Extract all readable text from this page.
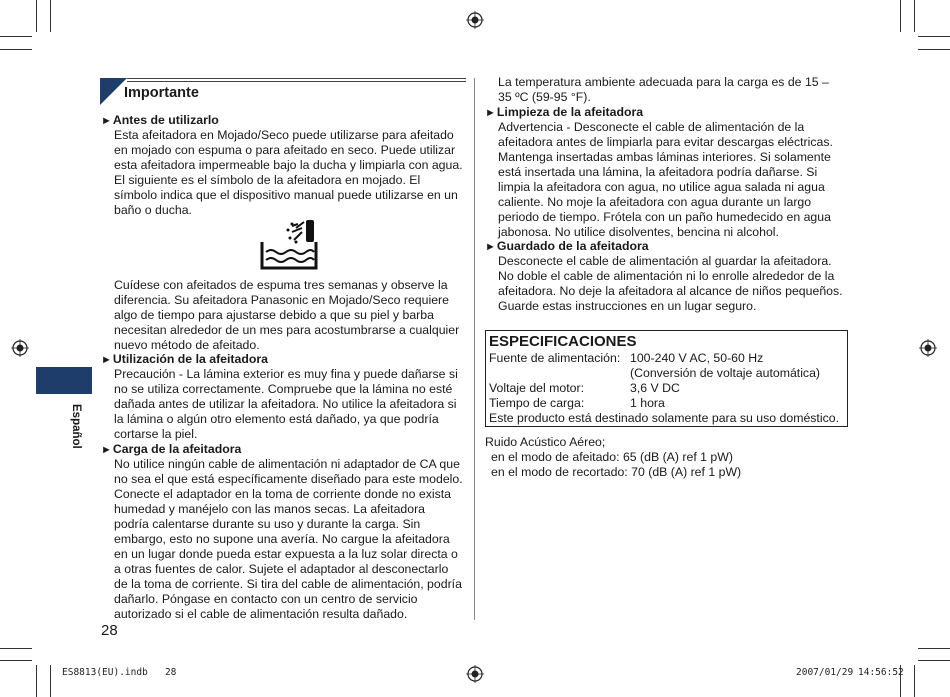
Importante
►Antes de utilizarlo
Esta afeitadora en Mojado/Seco puede utilizarse para afeitado
en mojado con espuma o para afeitado en seco. Puede utilizar
esta afeitadora impermeable bajo la ducha y limpiarla con agua.
El siguiente es el símbolo de la afeitadora en mojado. El
símbolo indica que el dispositivo manual puede utilizarse en un
baño o ducha.
Cuídese con afeitados de espuma tres semanas y observe la
diferencia. Su afeitadora Panasonic en Mojado/Seco requiere
algo de tiempo para ajustarse debido a que su piel y barba
necesitan alrededor de un mes para acostumbrarse a cualquier
nuevo método de afeitado.
►Utilización de la afeitadora
Precaución - La lámina exterior es muy fina y puede dañarse si
no se utiliza correctamente. Compruebe que la lámina no esté
dañada antes de utilizar la afeitadora. No utilice la afeitadora si
la lámina o algún otro elemento está dañado, ya que podría
cortarse la piel.
►Carga de la afeitadora
No utilice ningún cable de alimentación ni adaptador de CA que
no sea el que está específicamente diseñado para este modelo.
Conecte el adaptador en la toma de corriente donde no exista
humedad y manéjelo con las manos secas. La afeitadora
podría calentarse durante su uso y durante la carga. Sin
embargo, esto no supone una avería. No cargue la afeitadora
en un lugar donde pueda estar expuesta a la luz solar directa o
a otras fuentes de calor. Sujete el adaptador al desconectarlo
de la toma de corriente. Si tira del cable de alimentación, podría
dañarlo. Póngase en contacto con un centro de servicio
autorizado si el cable de alimentación resulta dañado.
Español
28
La temperatura ambiente adecuada para la carga es de 15 –
35 ºC (59-95 °F).
►Limpieza de la afeitadora
Advertencia - Desconecte el cable de alimentación de la
afeitadora antes de limpiarla para evitar descargas eléctricas.
Mantenga insertadas ambas láminas interiores. Si solamente
está insertada una lámina, la afeitadora podría dañarse. Si
limpia la afeitadora con agua, no utilice agua salada ni agua
caliente. No moje la afeitadora con agua durante un largo
periodo de tiempo. Frótela con un paño humedecido en agua
jabonosa. No utilice disolventes, bencina ni alcohol.
►Guardado de la afeitadora
Desconecte el cable de alimentación al guardar la afeitadora.
No doble el cable de alimentación ni lo enrolle alrededor de la
afeitadora. No deje la afeitadora al alcance de niños pequeños.
Guarde estas instrucciones en un lugar seguro.
ESPECIFICACIONES
Fuente de alimentación: 100-240 V AC, 50-60 Hz
(Conversión de voltaje automática)
Voltaje del motor:	3,6 V DC
Tiempo de carga:	1 hora
Este producto está destinado solamente para su uso doméstico.
Ruido Acústico Aéreo;
en el modo de afeitado: 65 (dB (A) ref 1 pW)
en el modo de recortado: 70 (dB (A) ref 1 pW)
ES8813(EU).indb   28	2007/01/29 14:56:52
